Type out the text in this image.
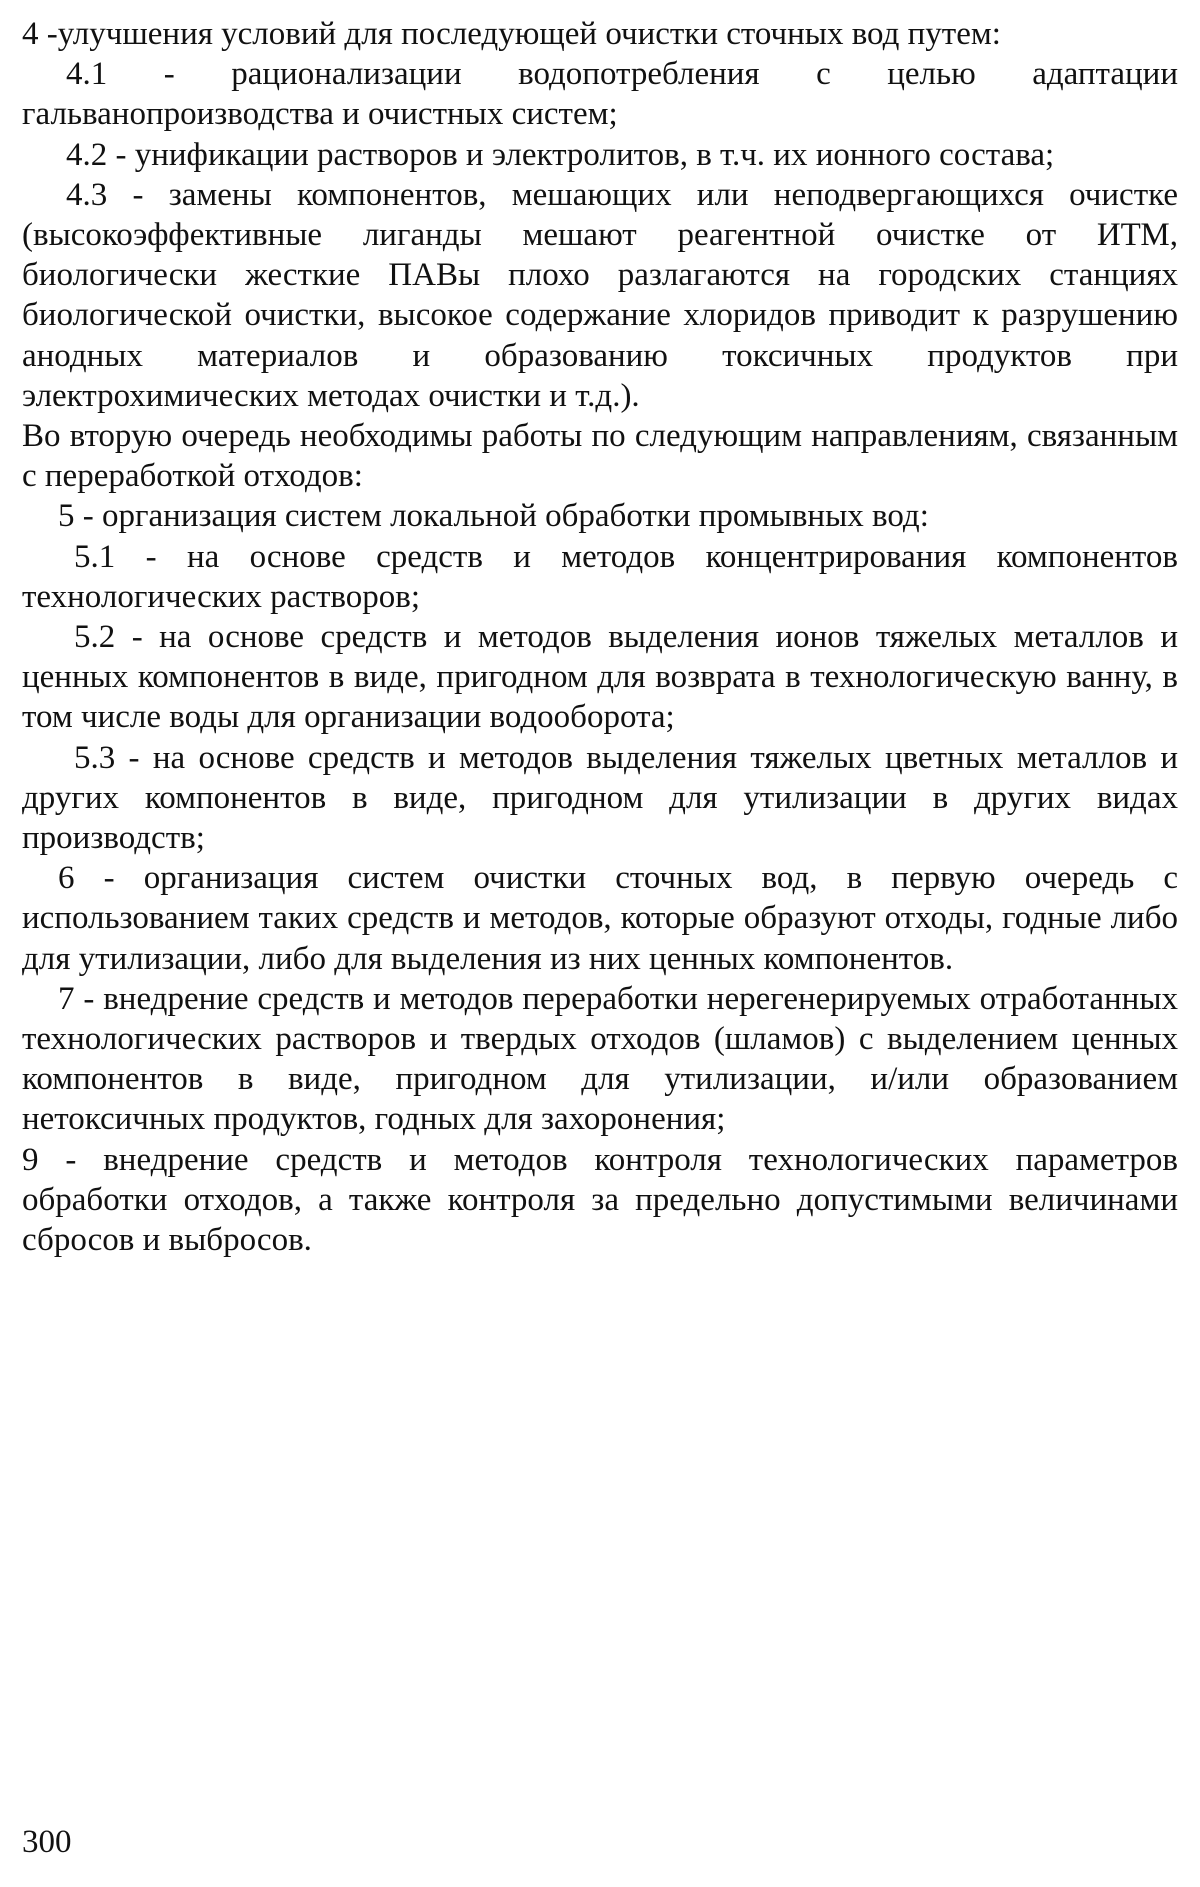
4 -улучшения условий для последующей очистки сточных вод путем:

4.1 - рационализации водопотребления с целью адаптации гальванопроизводства и очистных систем;

4.2 - унификации растворов и электролитов, в т.ч. их ионного состава;

4.3 - замены компонентов, мешающих или неподвергающихся очистке (высокоэффективные лиганды мешают реагентной очистке от ИТМ, биологически жесткие ПАВы плохо разлагаются на городских станциях биологической очистки, высокое содержание хлоридов приводит к разрушению анодных материалов и образованию токсичных продуктов при электрохимических методах очистки и т.д.).

Во вторую очередь необходимы работы по следующим направлениям, связанным с переработкой отходов:

5 - организация систем локальной обработки промывных вод:

5.1 - на основе средств и методов концентрирования компонентов технологических растворов;

5.2 - на основе средств и методов выделения ионов тяжелых металлов и ценных компонентов в виде, пригодном для возврата в технологическую ванну, в том числе воды для организации водооборота;

5.3 - на основе средств и методов выделения тяжелых цветных металлов и других компонентов в виде, пригодном для утилизации в других видах производств;

6 - организация систем очистки сточных вод, в первую очередь с использованием таких средств и методов, которые образуют отходы, годные либо для утилизации, либо для выделения из них ценных компонентов.

7 - внедрение средств и методов переработки нерегенерируемых отработанных технологических растворов и твердых отходов (шламов) с выделением ценных компонентов в виде, пригодном для утилизации, и/или образованием нетоксичных продуктов, годных для захоронения;

9 - внедрение средств и методов контроля технологических параметров обработки отходов, а также контроля за предельно допустимыми величинами сбросов и выбросов.

300
